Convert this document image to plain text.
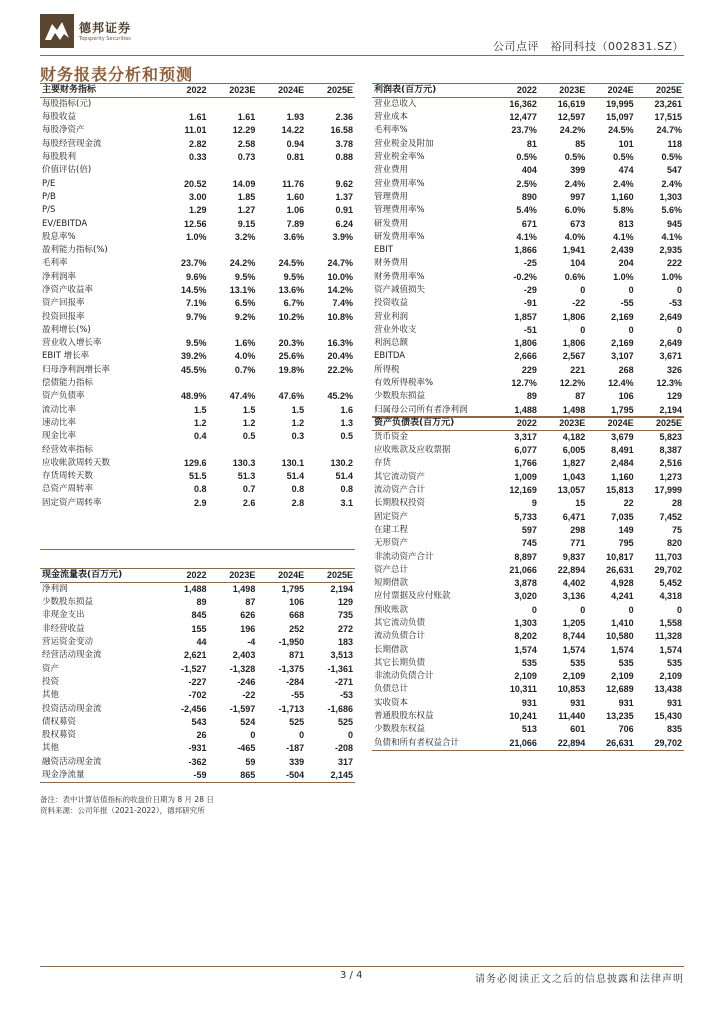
德邦证券
Topsperity Securities
公司点评　裕同科技（002831.SZ）
财务报表分析和预测
主要财务指标	2022	2023E	2024E	2025E
每股指标(元)				
每股收益	1.61	1.61	1.93	2.36
每股净资产	11.01	12.29	14.22	16.58
每股经营现金流	2.82	2.58	0.94	3.78
每股股利	0.33	0.73	0.81	0.88
价值评估(倍)				
P/E	20.52	14.09	11.76	9.62
P/B	3.00	1.85	1.60	1.37
P/S	1.29	1.27	1.06	0.91
EV/EBITDA	12.56	9.15	7.89	6.24
股息率%	1.0%	3.2%	3.6%	3.9%
盈利能力指标(%)				
毛利率	23.7%	24.2%	24.5%	24.7%
净利润率	9.6%	9.5%	9.5%	10.0%
净资产收益率	14.5%	13.1%	13.6%	14.2%
资产回报率	7.1%	6.5%	6.7%	7.4%
投资回报率	9.7%	9.2%	10.2%	10.8%
盈利增长(%)				
营业收入增长率	9.5%	1.6%	20.3%	16.3%
EBIT 增长率	39.2%	4.0%	25.6%	20.4%
归母净利润增长率	45.5%	0.7%	19.8%	22.2%
偿债能力指标				
资产负债率	48.9%	47.4%	47.6%	45.2%
流动比率	1.5	1.5	1.5	1.6
速动比率	1.2	1.2	1.2	1.3
现金比率	0.4	0.5	0.3	0.5
经营效率指标				
应收帐款周转天数	129.6	130.3	130.1	130.2
存货周转天数	51.5	51.3	51.4	51.4
总资产周转率	0.8	0.7	0.8	0.8
固定资产周转率	2.9	2.6	2.8	3.1

现金流量表(百万元)	2022	2023E	2024E	2025E
净利润	1,488	1,498	1,795	2,194
少数股东损益	89	87	106	129
非现金支出	845	626	668	735
非经营收益	155	196	252	272
营运资金变动	44	-4	-1,950	183
经营活动现金流	2,621	2,403	871	3,513
资产	-1,527	-1,328	-1,375	-1,361
投资	-227	-246	-284	-271
其他	-702	-22	-55	-53
投资活动现金流	-2,456	-1,597	-1,713	-1,686
债权募资	543	524	525	525
股权募资	26	0	0	0
其他	-931	-465	-187	-208
融资活动现金流	-362	59	339	317
现金净流量	-59	865	-504	2,145
利润表(百万元)	2022	2023E	2024E	2025E
营业总收入	16,362	16,619	19,995	23,261
营业成本	12,477	12,597	15,097	17,515
毛利率%	23.7%	24.2%	24.5%	24.7%
营业税金及附加	81	85	101	118
营业税金率%	0.5%	0.5%	0.5%	0.5%
营业费用	404	399	474	547
营业费用率%	2.5%	2.4%	2.4%	2.4%
管理费用	890	997	1,160	1,303
管理费用率%	5.4%	6.0%	5.8%	5.6%
研发费用	671	673	813	945
研发费用率%	4.1%	4.0%	4.1%	4.1%
EBIT	1,866	1,941	2,439	2,935
财务费用	-25	104	204	222
财务费用率%	-0.2%	0.6%	1.0%	1.0%
资产减值损失	-29	0	0	0
投资收益	-91	-22	-55	-53
营业利润	1,857	1,806	2,169	2,649
营业外收支	-51	0	0	0
利润总额	1,806	1,806	2,169	2,649
EBITDA	2,666	2,567	3,107	3,671
所得税	229	221	268	326
有效所得税率%	12.7%	12.2%	12.4%	12.3%
少数股东损益	89	87	106	129
归属母公司所有者净利润	1,488	1,498	1,795	2,194
资产负债表(百万元)	2022	2023E	2024E	2025E
货币资金	3,317	4,182	3,679	5,823
应收账款及应收票据	6,077	6,005	8,491	8,387
存货	1,766	1,827	2,484	2,516
其它流动资产	1,009	1,043	1,160	1,273
流动资产合计	12,169	13,057	15,813	17,999
长期股权投资	9	15	22	28
固定资产	5,733	6,471	7,035	7,452
在建工程	597	298	149	75
无形资产	745	771	795	820
非流动资产合计	8,897	9,837	10,817	11,703
资产总计	21,066	22,894	26,631	29,702
短期借款	3,878	4,402	4,928	5,452
应付票据及应付账款	3,020	3,136	4,241	4,318
预收账款	0	0	0	0
其它流动负债	1,303	1,205	1,410	1,558
流动负债合计	8,202	8,744	10,580	11,328
长期借款	1,574	1,574	1,574	1,574
其它长期负债	535	535	535	535
非流动负债合计	2,109	2,109	2,109	2,109
负债总计	10,311	10,853	12,689	13,438
实收资本	931	931	931	931
普通股股东权益	10,241	11,440	13,235	15,430
少数股东权益	513	601	706	835
负债和所有者权益合计	21,066	22,894	26,631	29,702
备注：表中计算估值指标的收盘价日期为 8 月 28 日
资料来源：公司年报（2021-2022），德邦研究所
3 / 4	请务必阅读正文之后的信息披露和法律声明
